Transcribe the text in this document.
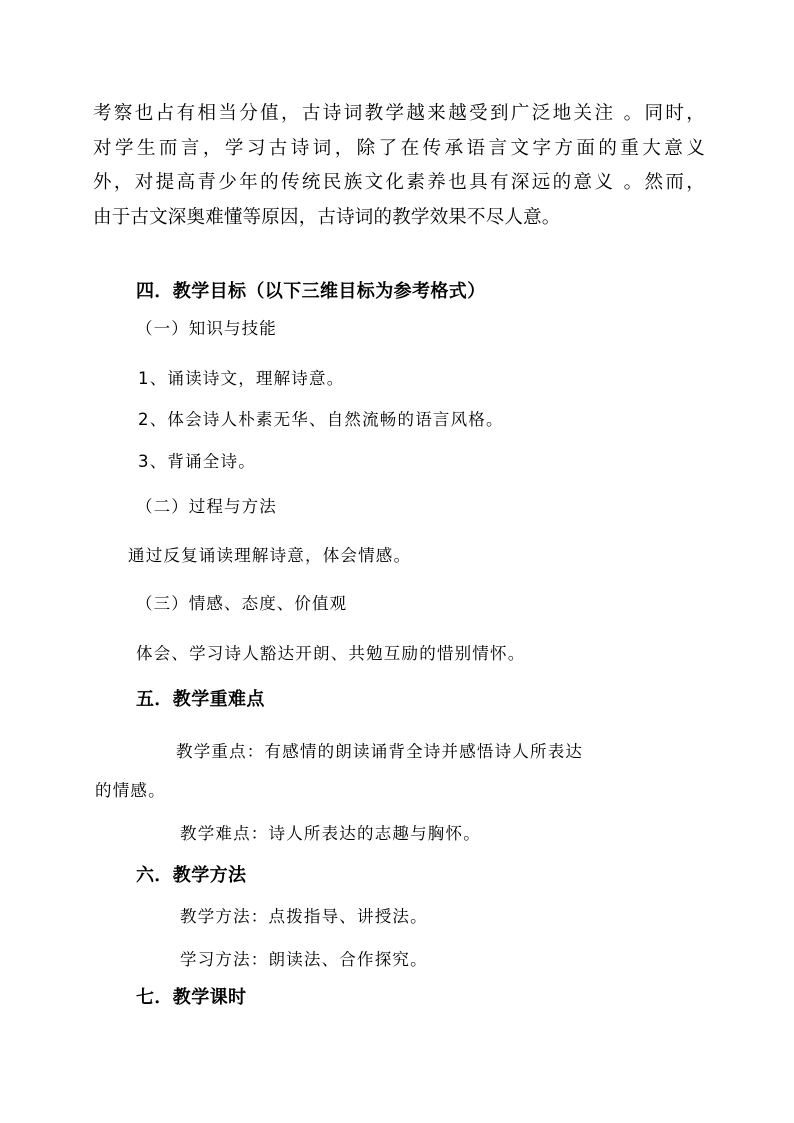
考察也占有相当分值，古诗词教学越来越受到广泛地关注 。同时，
对学生而言，学习古诗词，除了在传承语言文字方面的重大意义
外，对提高青少年的传统民族文化素养也具有深远的意义 。然而，
由于古文深奥难懂等原因，古诗词的教学效果不尽人意。
四．教学目标（以下三维目标为参考格式）
（一）知识与技能
1、诵读诗文，理解诗意。
2、体会诗人朴素无华、自然流畅的语言风格。
3、背诵全诗。
（二）过程与方法
通过反复诵读理解诗意，体会情感。
（三）情感、态度、价值观
体会、学习诗人豁达开朗、共勉互励的惜别情怀。
五．教学重难点
教学重点：有感情的朗读诵背全诗并感悟诗人所表达
的情感。
教学难点：诗人所表达的志趣与胸怀。
六．教学方法
教学方法：点拨指导、讲授法。
学习方法：朗读法、合作探究。
七．教学课时
